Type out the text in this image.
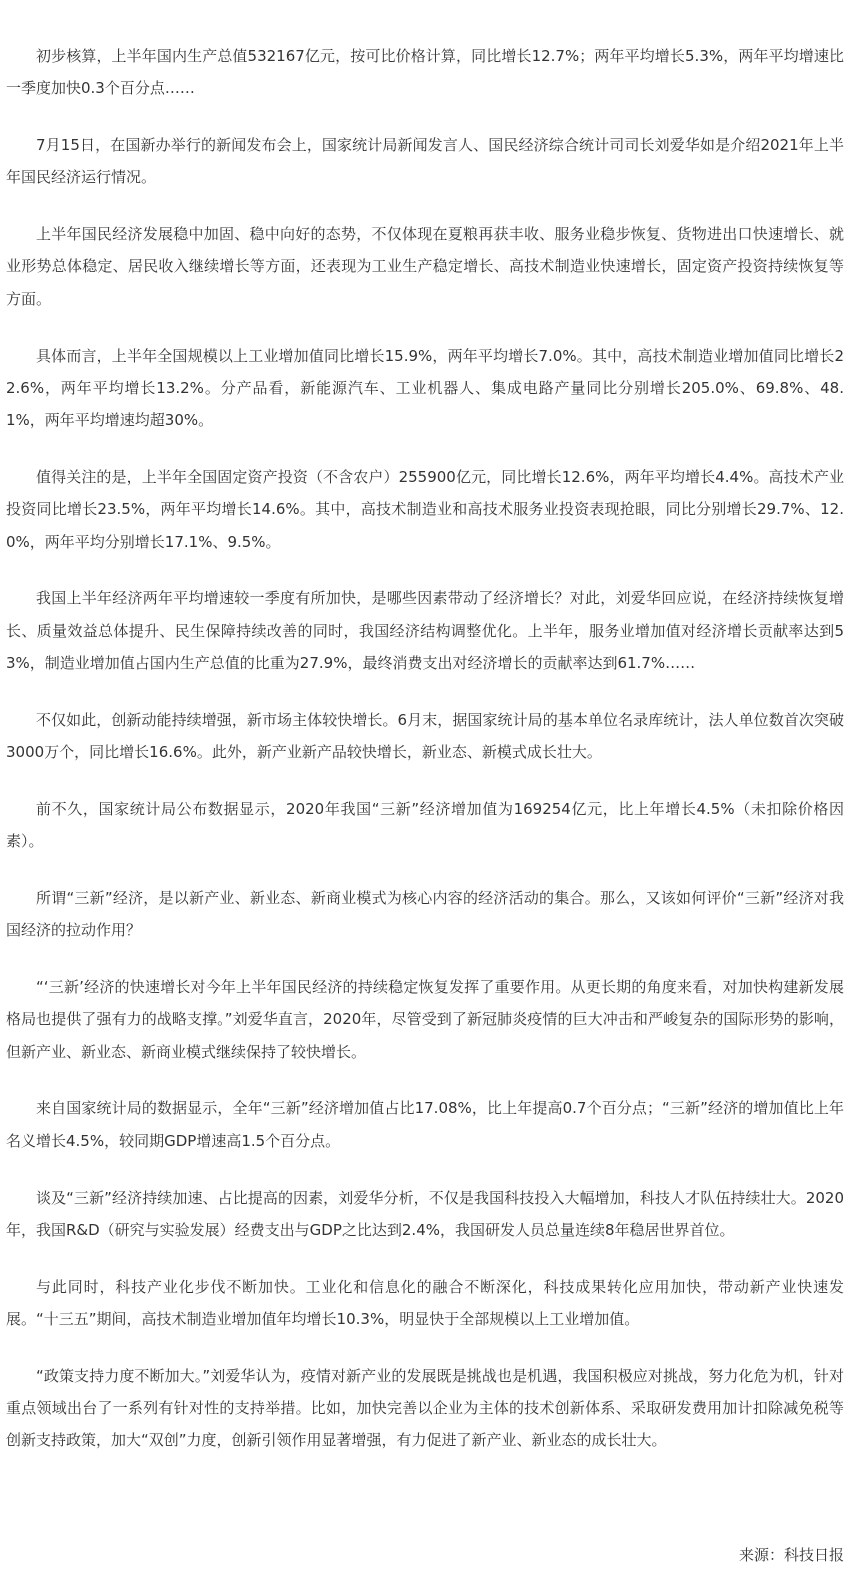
初步核算，上半年国内生产总值532167亿元，按可比价格计算，同比增长12.7%；两年平均增长5.3%，两年平均增速比一季度加快0.3个百分点……

7月15日，在国新办举行的新闻发布会上，国家统计局新闻发言人、国民经济综合统计司司长刘爱华如是介绍2021年上半年国民经济运行情况。

上半年国民经济发展稳中加固、稳中向好的态势，不仅体现在夏粮再获丰收、服务业稳步恢复、货物进出口快速增长、就业形势总体稳定、居民收入继续增长等方面，还表现为工业生产稳定增长、高技术制造业快速增长，固定资产投资持续恢复等方面。

具体而言，上半年全国规模以上工业增加值同比增长15.9%，两年平均增长7.0%。其中，高技术制造业增加值同比增长22.6%，两年平均增长13.2%。分产品看，新能源汽车、工业机器人、集成电路产量同比分别增长205.0%、69.8%、48.1%，两年平均增速均超30%。

值得关注的是，上半年全国固定资产投资（不含农户）255900亿元，同比增长12.6%，两年平均增长4.4%。高技术产业投资同比增长23.5%，两年平均增长14.6%。其中，高技术制造业和高技术服务业投资表现抢眼，同比分别增长29.7%、12.0%，两年平均分别增长17.1%、9.5%。

我国上半年经济两年平均增速较一季度有所加快，是哪些因素带动了经济增长？对此，刘爱华回应说，在经济持续恢复增长、质量效益总体提升、民生保障持续改善的同时，我国经济结构调整优化。上半年，服务业增加值对经济增长贡献率达到53%，制造业增加值占国内生产总值的比重为27.9%，最终消费支出对经济增长的贡献率达到61.7%……

不仅如此，创新动能持续增强，新市场主体较快增长。6月末，据国家统计局的基本单位名录库统计，法人单位数首次突破3000万个，同比增长16.6%。此外，新产业新产品较快增长，新业态、新模式成长壮大。

前不久，国家统计局公布数据显示，2020年我国“三新”经济增加值为169254亿元，比上年增长4.5%（未扣除价格因素）。

所谓“三新”经济，是以新产业、新业态、新商业模式为核心内容的经济活动的集合。那么，又该如何评价“三新”经济对我国经济的拉动作用？

“‘三新’经济的快速增长对今年上半年国民经济的持续稳定恢复发挥了重要作用。从更长期的角度来看，对加快构建新发展格局也提供了强有力的战略支撑。”刘爱华直言，2020年，尽管受到了新冠肺炎疫情的巨大冲击和严峻复杂的国际形势的影响，但新产业、新业态、新商业模式继续保持了较快增长。

来自国家统计局的数据显示，全年“三新”经济增加值占比17.08%，比上年提高0.7个百分点；“三新”经济的增加值比上年名义增长4.5%，较同期GDP增速高1.5个百分点。

谈及“三新”经济持续加速、占比提高的因素，刘爱华分析，不仅是我国科技投入大幅增加，科技人才队伍持续壮大。2020年，我国R&D（研究与实验发展）经费支出与GDP之比达到2.4%，我国研发人员总量连续8年稳居世界首位。

与此同时，科技产业化步伐不断加快。工业化和信息化的融合不断深化，科技成果转化应用加快，带动新产业快速发展。“十三五”期间，高技术制造业增加值年均增长10.3%，明显快于全部规模以上工业增加值。

“政策支持力度不断加大。”刘爱华认为，疫情对新产业的发展既是挑战也是机遇，我国积极应对挑战，努力化危为机，针对重点领域出台了一系列有针对性的支持举措。比如，加快完善以企业为主体的技术创新体系、采取研发费用加计扣除减免税等创新支持政策，加大“双创”力度，创新引领作用显著增强，有力促进了新产业、新业态的成长壮大。

来源：科技日报
